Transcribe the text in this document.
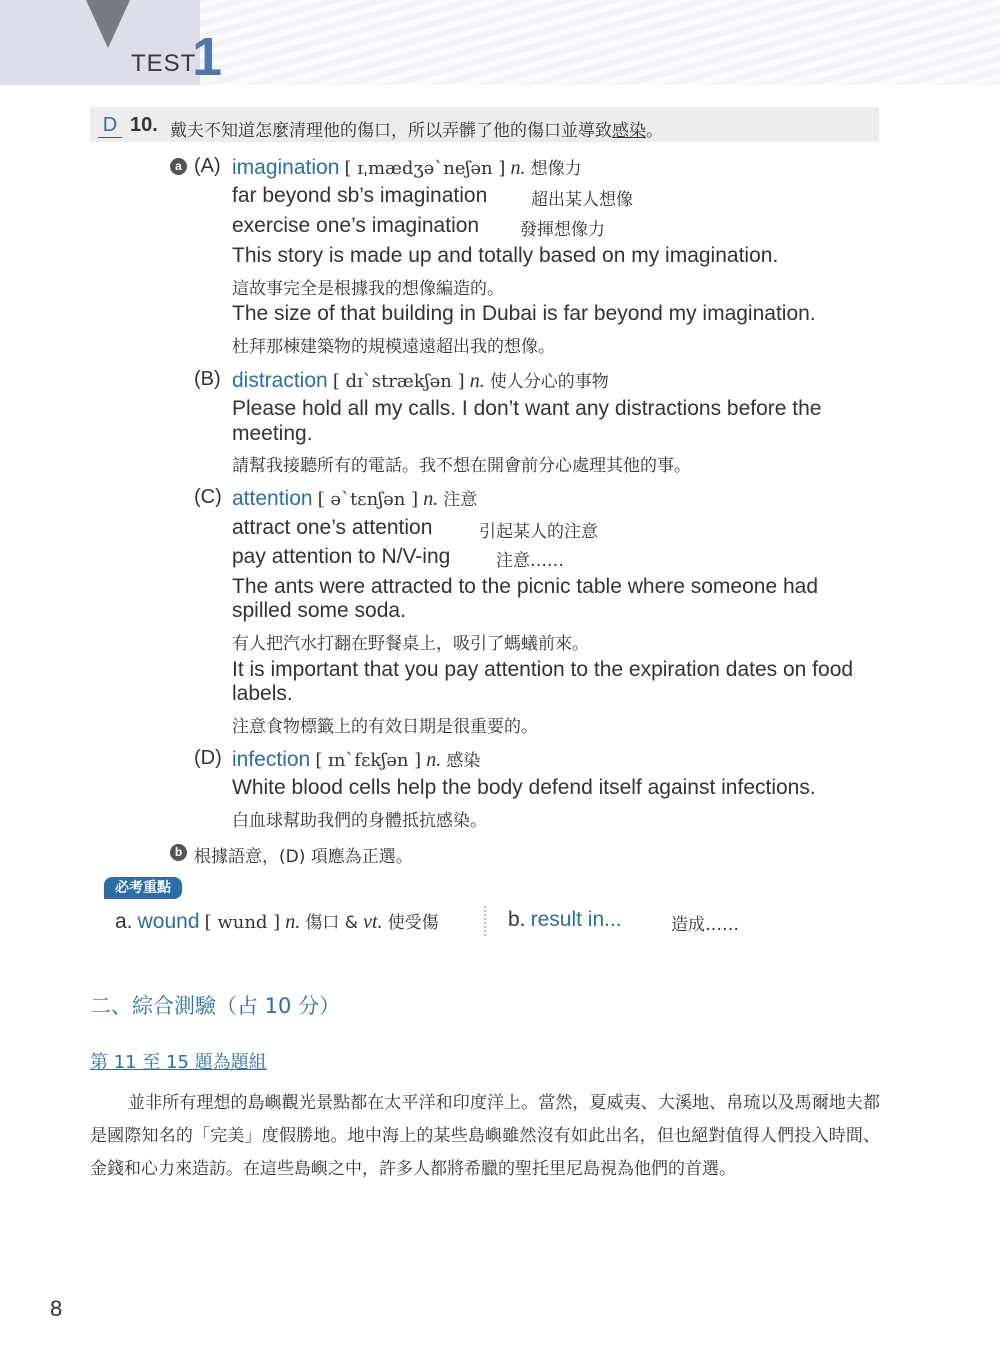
TEST
1
D 10. 戴夫不知道怎麼清理他的傷口，所以弄髒了他的傷口並導致感染。
a (A) imagination [ ɪˌmædʒəˋneʃən ] n. 想像力
far beyond sb’s imagination	超出某人想像
exercise one’s imagination 發揮想像力
This story is made up and totally based on my imagination.
這故事完全是根據我的想像編造的。
The size of that building in Dubai is far beyond my imagination.
杜拜那棟建築物的規模遠遠超出我的想像。
(B) distraction [ dɪˋstrækʃən ] n. 使人分心的事物
Please hold all my calls. I don’t want any distractions before the
meeting.
請幫我接聽所有的電話。我不想在開會前分心處理其他的事。
(C) attention [ əˋtɛnʃən ] n. 注意
attract one’s attention	引起某人的注意
pay attention to N/V-ing	注意……
The ants were attracted to the picnic table where someone had
spilled some soda.
有人把汽水打翻在野餐桌上，吸引了螞蟻前來。
It is important that you pay attention to the expiration dates on food
labels.
注意食物標籤上的有效日期是很重要的。
(D) infection [ ɪnˋfɛkʃən ] n. 感染
White blood cells help the body defend itself against infections.
白血球幫助我們的身體抵抗感染。
b 根據語意，(D) 項應為正選。
必考重點
a. wound [ wund ] n. 傷口 & vt. 使受傷	b. result in...	造成……
二、綜合測驗（占 10 分）
第 11 至 15 題為題組

並非所有理想的島嶼觀光景點都在太平洋和印度洋上。當然，夏威夷、大溪地、帛琉以及馬爾地夫都是國際知名的「完美」度假勝地。地中海上的某些島嶼雖然沒有如此出名，但也絕對值得人們投入時間、金錢和心力來造訪。在這些島嶼之中，許多人都將希臘的聖托里尼島視為他們的首選。

8
